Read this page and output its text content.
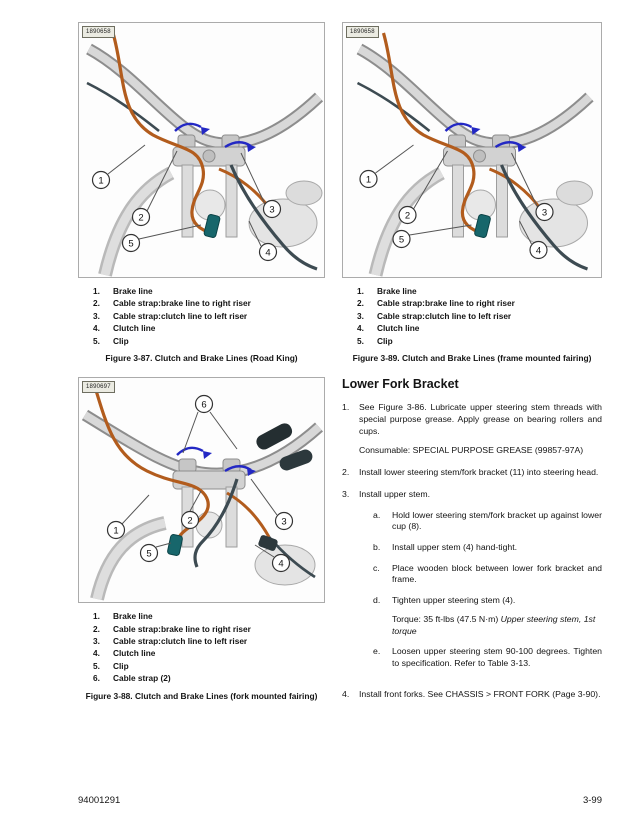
1
2
5
3
4
1890658
1.	Brake line
2.	Cable strap:brake line to right riser
3.	Cable strap:clutch line to left riser
4.	Clutch line
5.	Clip
Figure 3-87. Clutch and Brake Lines (Road King)
6
1
2
5
3
4
1890697
1.	Brake line
2.	Cable strap:brake line to right riser
3.	Cable strap:clutch line to left riser
4.	Clutch line
5.	Clip
6.	Cable strap (2)
Figure 3-88. Clutch and Brake Lines (fork mounted fairing)
1
2
5
3
4
1890658
1.	Brake line
2.	Cable strap:brake line to right riser
3.	Cable strap:clutch line to left riser
4.	Clutch line
5.	Clip
Figure 3-89. Clutch and Brake Lines (frame mounted fairing)
Lower Fork Bracket
1.	See Figure 3-86. Lubricate upper steering stem threads with special purpose grease. Apply grease on bearing rollers and cups.
Consumable: SPECIAL PURPOSE GREASE (99857-97A)
2.	Install lower steering stem/fork bracket (11) into steering head.
3.	Install upper stem.
a.	Hold lower steering stem/fork bracket up against lower cup (8).
b.	Install upper stem (4) hand-tight.
c.	Place wooden block between lower fork bracket and frame.
d.	Tighten upper steering stem (4).
Torque: 35 ft-lbs (47.5 N·m) Upper steering stem, 1st torque
e.	Loosen upper steering stem 90-100 degrees. Tighten to specification. Refer to Table 3-13.
4.	Install front forks. See CHASSIS > FRONT FORK (Page 3-90).
94001291	3-99
